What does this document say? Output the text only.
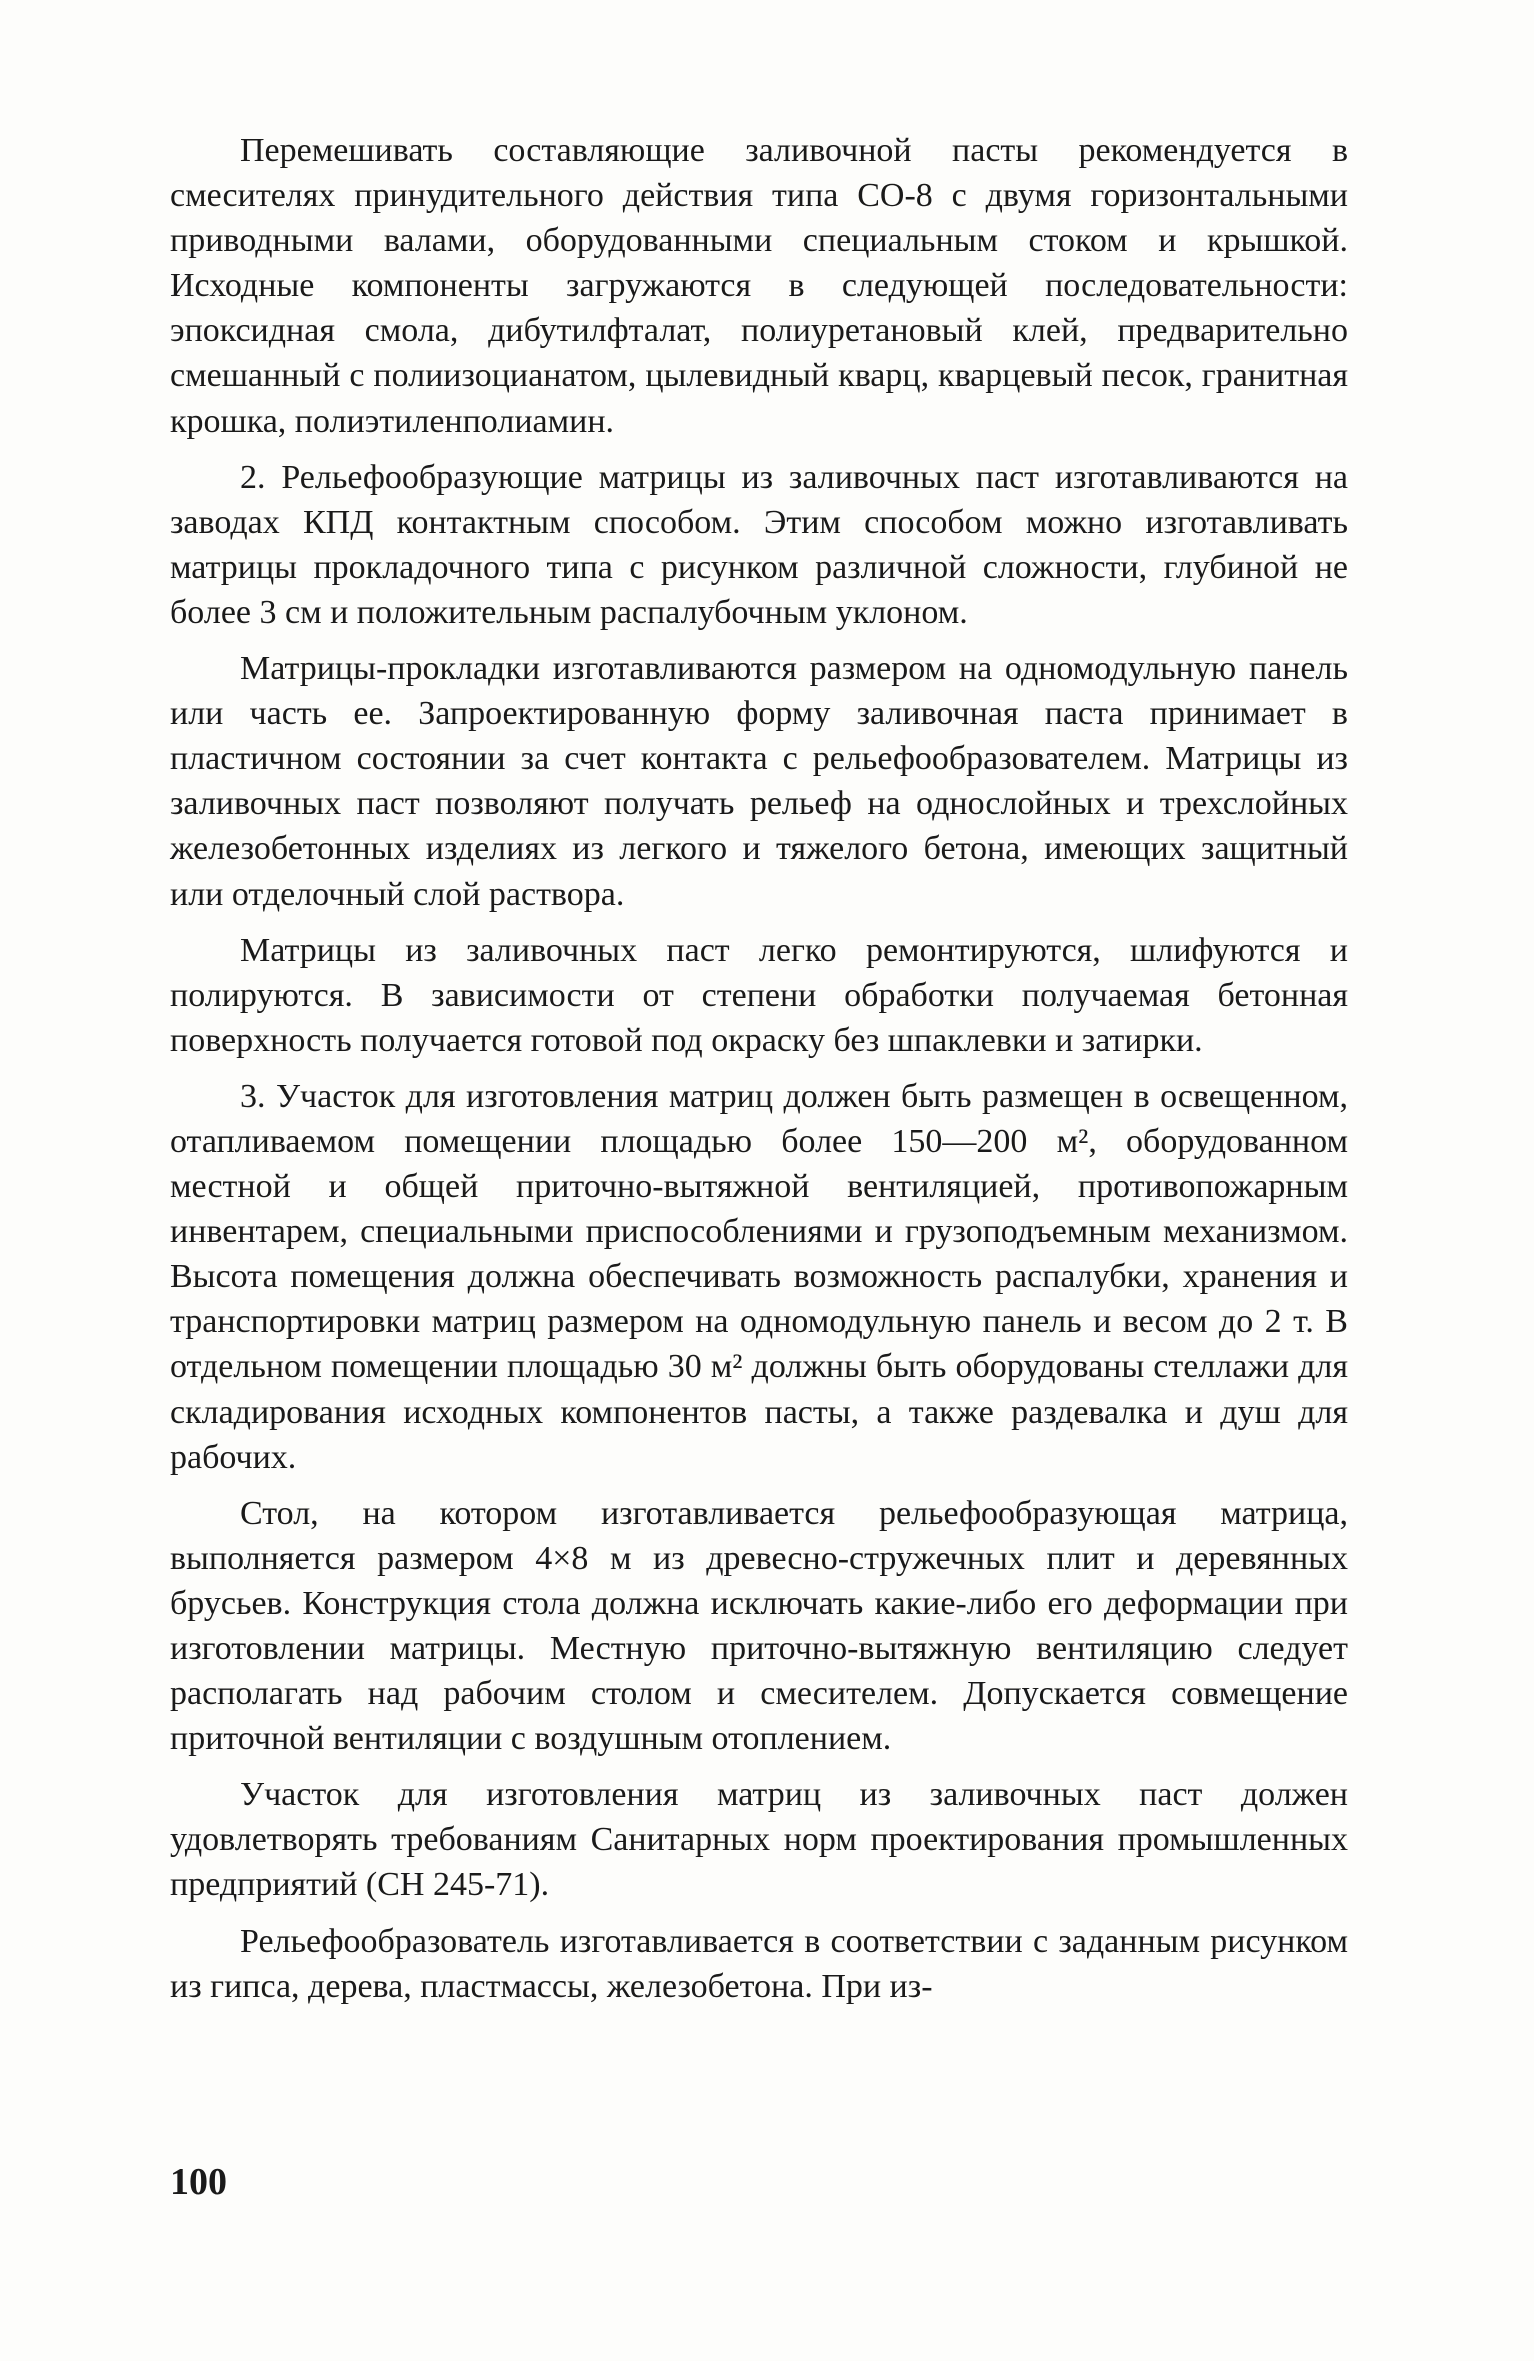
Перемешивать составляющие заливочной пасты рекомендуется в смесителях принудительного действия типа СО-8 с двумя горизонтальными приводными валами, оборудованными специальным стоком и крышкой. Исходные компоненты загружаются в следующей последовательности: эпоксидная смола, дибутилфталат, полиуретановый клей, предварительно смешанный с полиизоцианатом, цылевидный кварц, кварцевый песок, гранитная крошка, полиэтиленполиамин.

2. Рельефообразующие матрицы из заливочных паст изготавливаются на заводах КПД контактным способом. Этим способом можно изготавливать матрицы прокладочного типа с рисунком различной сложности, глубиной не более 3 см и положительным распалубочным уклоном.

Матрицы-прокладки изготавливаются размером на одномодульную панель или часть ее. Запроектированную форму заливочная паста принимает в пластичном состоянии за счет контакта с рельефообразователем. Матрицы из заливочных паст позволяют получать рельеф на однослойных и трехслойных железобетонных изделиях из легкого и тяжелого бетона, имеющих защитный или отделочный слой раствора.

Матрицы из заливочных паст легко ремонтируются, шлифуются и полируются. В зависимости от степени обработки получаемая бетонная поверхность получается готовой под окраску без шпаклевки и затирки.

3. Участок для изготовления матриц должен быть размещен в освещенном, отапливаемом помещении площадью более 150—200 м², оборудованном местной и общей приточно-вытяжной вентиляцией, противопожарным инвентарем, специальными приспособлениями и грузоподъемным механизмом. Высота помещения должна обеспечивать возможность распалубки, хранения и транспортировки матриц размером на одномодульную панель и весом до 2 т. В отдельном помещении площадью 30 м² должны быть оборудованы стеллажи для складирования исходных компонентов пасты, а также раздевалка и душ для рабочих.

Стол, на котором изготавливается рельефообразующая матрица, выполняется размером 4×8 м из древесно-стружечных плит и деревянных брусьев. Конструкция стола должна исключать какие-либо его деформации при изготовлении матрицы. Местную приточно-вытяжную вентиляцию следует располагать над рабочим столом и смесителем. Допускается совмещение приточной вентиляции с воздушным отоплением.

Участок для изготовления матриц из заливочных паст должен удовлетворять требованиям Санитарных норм проектирования промышленных предприятий (СН 245-71).

Рельефообразователь изготавливается в соответствии с заданным рисунком из гипса, дерева, пластмассы, железобетона. При из-

100
